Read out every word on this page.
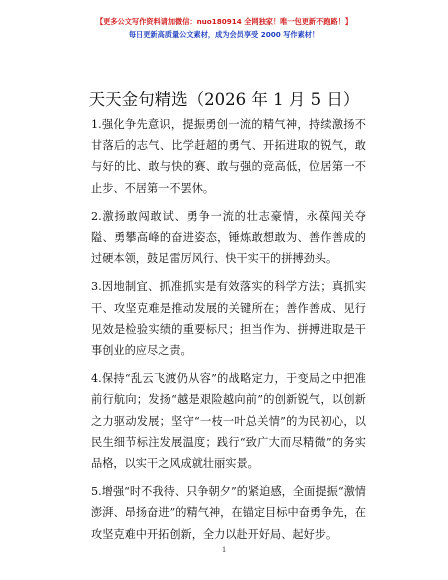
【更多公文写作资料请加微信：nuo180914 全网独家！唯一包更新不跑路！】
每日更新高质量公文素材，成为会员享受 2000 写作素材！
天天金句精选（2026 年 1 月 5 日）

1.强化争先意识，提振勇创一流的精气神，持续激扬不甘落后的志气、比学赶超的勇气、开拓进取的锐气，敢与好的比、敢与快的赛、敢与强的竞高低，位居第一不止步、不居第一不罢休。

2.激扬敢闯敢试、勇争一流的壮志豪情，永葆闯关夺隘、勇攀高峰的奋进姿态，锤炼敢想敢为、善作善成的过硬本领，鼓足雷厉风行、快干实干的拼搏劲头。

3.因地制宜、抓准抓实是有效落实的科学方法；真抓实干、攻坚克难是推动发展的关键所在；善作善成、见行见效是检验实绩的重要标尺；担当作为、拼搏进取是干事创业的应尽之责。

4.保持“乱云飞渡仍从容”的战略定力，于变局之中把准前行航向；发扬“越是艰险越向前”的创新锐气，以创新之力驱动发展；坚守“一枝一叶总关情”的为民初心，以民生细节标注发展温度；践行“致广大而尽精微”的务实品格，以实干之风成就壮丽实景。

5.增强“时不我待、只争朝夕”的紧迫感，全面提振“激情澎湃、昂扬奋进”的精气神，在锚定目标中奋勇争先，在攻坚克难中开拓创新，全力以赴开好局、起好步。

1
